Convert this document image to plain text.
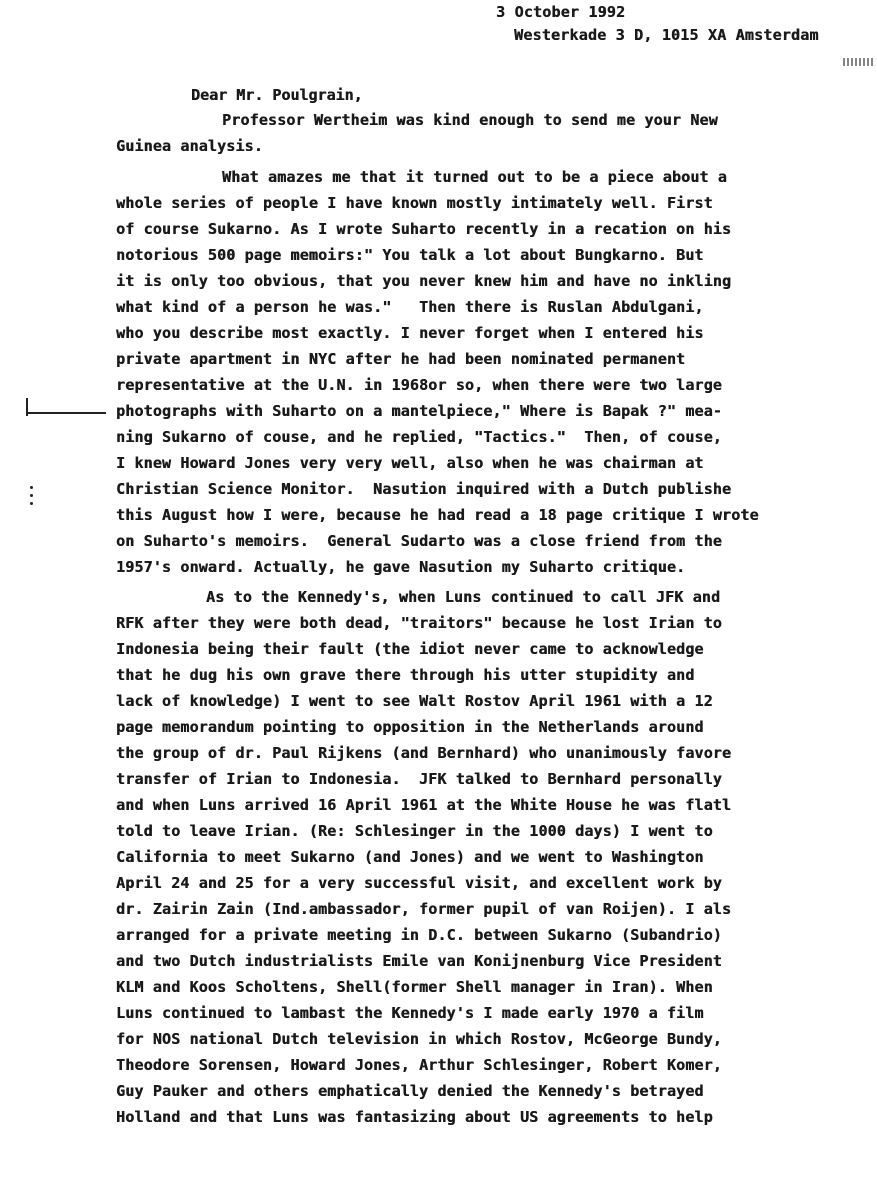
3 October 1992
Westerkade 3 D, 1015 XA Amsterdam
Dear Mr. Poulgrain,

Professor Wertheim was kind enough to send me your New
Guinea analysis.
What amazes me that it turned out to be a piece about a
whole series of people I have known mostly intimately well. First
of course Sukarno. As I wrote Suharto recently in a recation on his
notorious 500 page memoirs:" You talk a lot about Bungkarno. But
it is only too obvious, that you never knew him and have no inkling
what kind of a person he was."   Then there is Ruslan Abdulgani,
who you describe most exactly. I never forget when I entered his
private apartment in NYC after he had been nominated permanent
representative at the U.N. in 1968or so, when there were two large
photographs with Suharto on a mantelpiece," Where is Bapak ?" mea-
ning Sukarno of couse, and he replied, "Tactics."  Then, of couse,
I knew Howard Jones very very well, also when he was chairman at
Christian Science Monitor.  Nasution inquired with a Dutch publishe
this August how I were, because he had read a 18 page critique I wrote
on Suharto's memoirs.  General Sudarto was a close friend from the
1957's onward. Actually, he gave Nasution my Suharto critique.
As to the Kennedy's, when Luns continued to call JFK and
RFK after they were both dead, "traitors" because he lost Irian to
Indonesia being their fault (the idiot never came to acknowledge
that he dug his own grave there through his utter stupidity and
lack of knowledge) I went to see Walt Rostov April 1961 with a 12
page memorandum pointing to opposition in the Netherlands around
the group of dr. Paul Rijkens (and Bernhard) who unanimously favore
transfer of Irian to Indonesia.  JFK talked to Bernhard personally
and when Luns arrived 16 April 1961 at the White House he was flatl
told to leave Irian. (Re: Schlesinger in the 1000 days) I went to
California to meet Sukarno (and Jones) and we went to Washington
April 24 and 25 for a very successful visit, and excellent work by
dr. Zairin Zain (Ind.ambassador, former pupil of van Roijen). I als
arranged for a private meeting in D.C. between Sukarno (Subandrio)
and two Dutch industrialists Emile van Konijnenburg Vice President
KLM and Koos Scholtens, Shell(former Shell manager in Iran). When
Luns continued to lambast the Kennedy's I made early 1970 a film
for NOS national Dutch television in which Rostov, McGeorge Bundy,
Theodore Sorensen, Howard Jones, Arthur Schlesinger, Robert Komer,
Guy Pauker and others emphatically denied the Kennedy's betrayed
Holland and that Luns was fantasizing about US agreements to help
